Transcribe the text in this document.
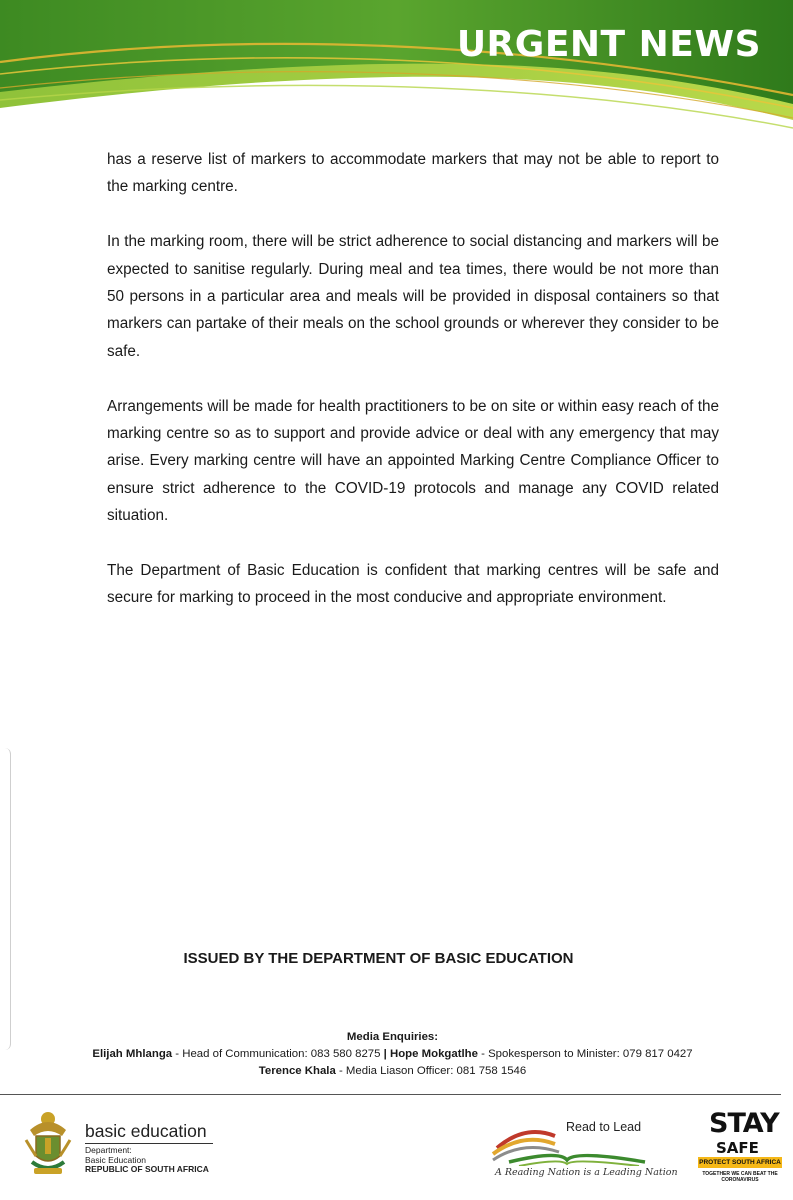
URGENT NEWS

has a reserve list of markers to accommodate markers that may not be able to report to the marking centre.

In the marking room, there will be strict adherence to social distancing and markers will be expected to sanitise regularly. During meal and tea times, there would be not more than 50 persons in a particular area and meals will be provided in disposal containers so that markers can partake of their meals on the school grounds or wherever they consider to be safe.

Arrangements will be made for health practitioners to be on site or within easy reach of the marking centre so as to support and provide advice or deal with any emergency that may arise. Every marking centre will have an appointed Marking Centre Compliance Officer to ensure strict adherence to the COVID-19 protocols and manage any COVID related situation.

The Department of Basic Education is confident that marking centres will be safe and secure for marking to proceed in the most conducive and appropriate environment.

ISSUED BY THE DEPARTMENT OF BASIC EDUCATION
Media Enquiries:
Elijah Mhlanga - Head of Communication: 083 580 8275 | Hope Mokgatlhe - Spokesperson to Minister: 079 817 0427
Terence Khala - Media Liason Officer: 081 758 1546
basic education
Department:
Basic Education
REPUBLIC OF SOUTH AFRICA
Read to Lead
A Reading Nation is a Leading Nation
STAY
SAFE
PROTECT SOUTH AFRICA
TOGETHER WE CAN BEAT THE CORONAVIRUS
